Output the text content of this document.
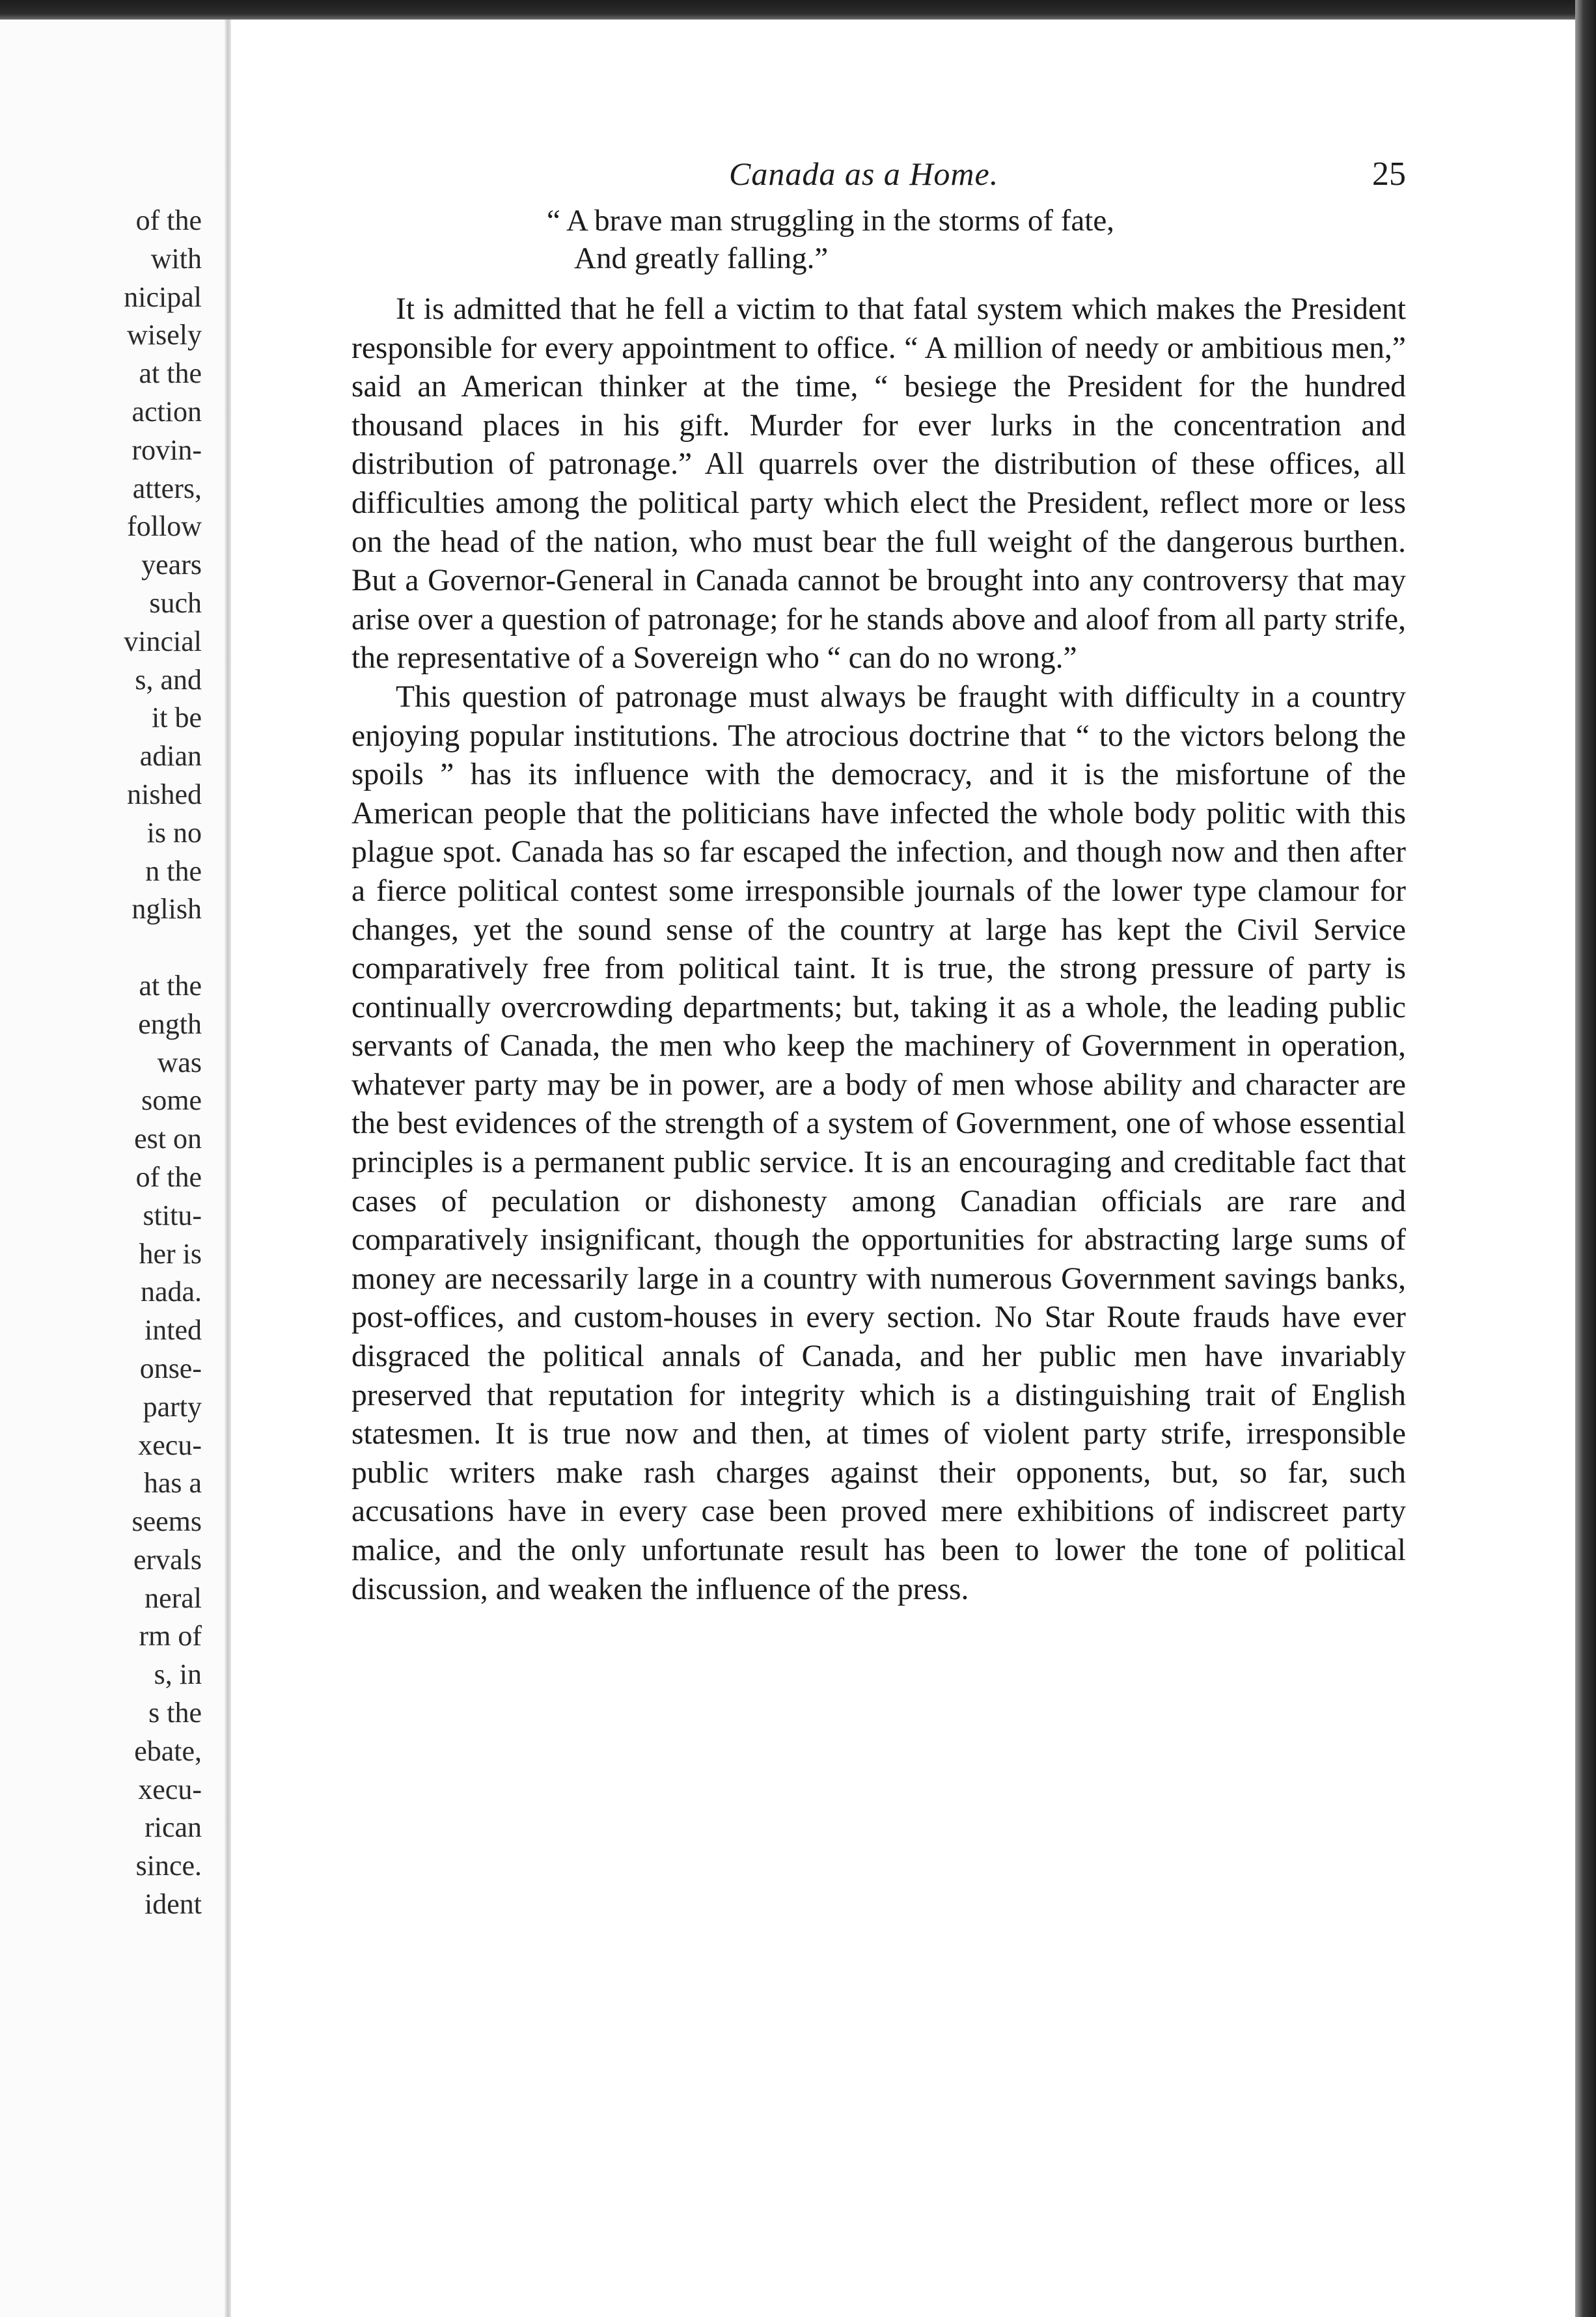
of the
with
nicipal
wisely
at the
action
rovin-
atters,
follow
years
such
vincial
s, and
it be
adian
nished
is no
n the
nglish
at the
ength
was
some
est on
of the
stitu-
her is
nada.
inted
onse-
party
xecu-
has a
seems
ervals
neral
rm of
s, in
s the
ebate,
xecu-
rican
since.
ident
Canada as a Home.	25
“ A brave man struggling in the storms of fate,
And greatly falling.”

It is admitted that he fell a victim to that fatal system which makes the President responsible for every appointment to office. “ A million of needy or ambitious men,” said an American thinker at the time, “ besiege the President for the hundred thousand places in his gift. Murder for ever lurks in the concentration and distribution of patronage.” All quarrels over the distribution of these offices, all difficulties among the political party which elect the President, reflect more or less on the head of the nation, who must bear the full weight of the dangerous burthen. But a Governor-General in Canada cannot be brought into any controversy that may arise over a question of patronage; for he stands above and aloof from all party strife, the representative of a Sovereign who “ can do no wrong.”

This question of patronage must always be fraught with difficulty in a country enjoying popular institutions. The atrocious doctrine that “ to the victors belong the spoils ” has its influence with the democracy, and it is the misfortune of the American people that the politicians have infected the whole body politic with this plague spot. Canada has so far escaped the infection, and though now and then after a fierce political contest some irresponsible journals of the lower type clamour for changes, yet the sound sense of the country at large has kept the Civil Service comparatively free from political taint. It is true, the strong pressure of party is continually overcrowding departments; but, taking it as a whole, the leading public servants of Canada, the men who keep the machinery of Government in operation, whatever party may be in power, are a body of men whose ability and character are the best evidences of the strength of a system of Government, one of whose essential principles is a permanent public service. It is an encouraging and creditable fact that cases of peculation or dishonesty among Canadian officials are rare and comparatively insignificant, though the opportunities for abstracting large sums of money are necessarily large in a country with numerous Government savings banks, post-offices, and custom-houses in every section. No Star Route frauds have ever disgraced the political annals of Canada, and her public men have invariably preserved that reputation for integrity which is a distinguishing trait of English statesmen. It is true now and then, at times of violent party strife, irresponsible public writers make rash charges against their opponents, but, so far, such accusations have in every case been proved mere exhibitions of indiscreet party malice, and the only unfortunate result has been to lower the tone of political discussion, and weaken the influence of the press.
